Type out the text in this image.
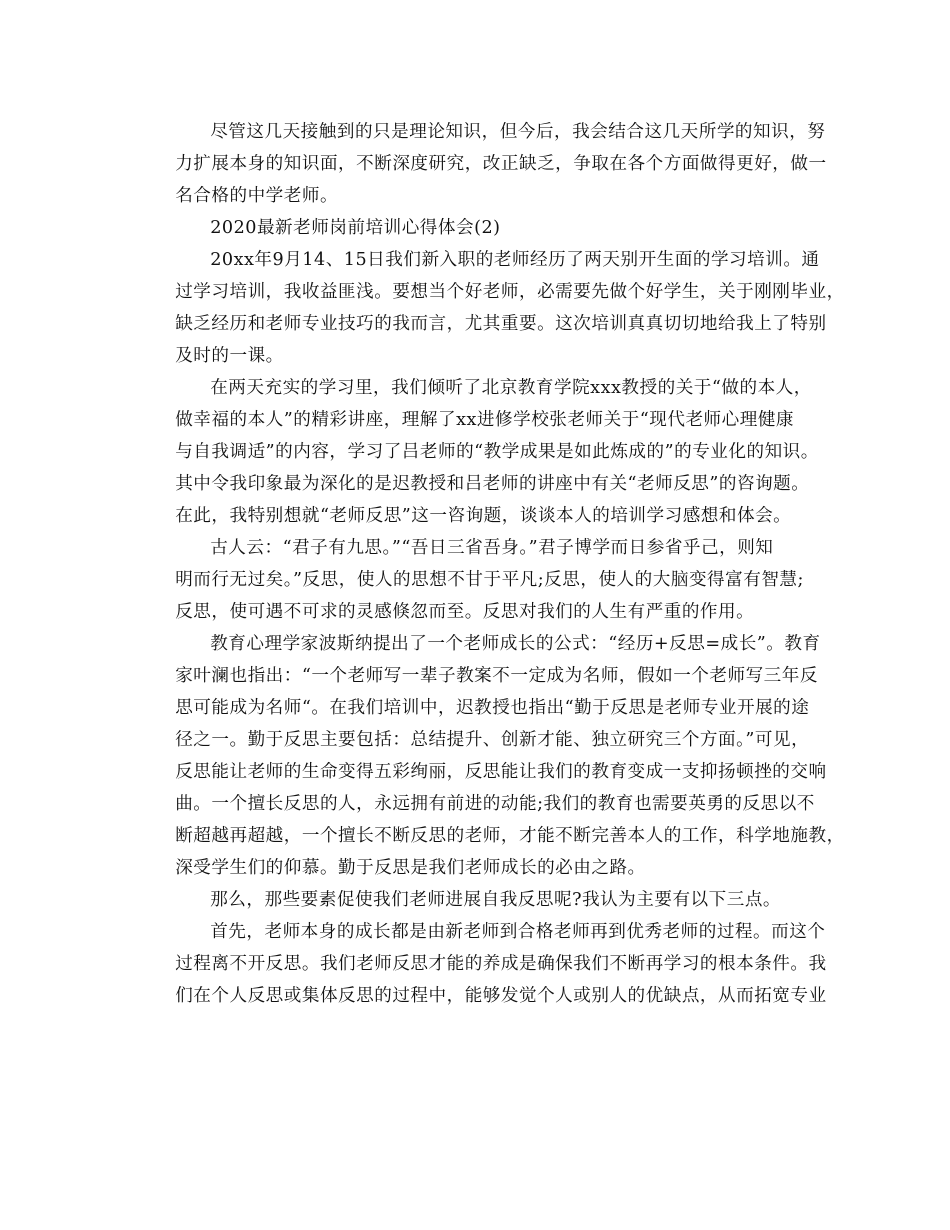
尽管这几天接触到的只是理论知识，但今后，我会结合这几天所学的知识，努
力扩展本身的知识面，不断深度研究，改正缺乏，争取在各个方面做得更好，做一
名合格的中学老师。

2020最新老师岗前培训心得体会(2)

20xx年9月14、15日我们新入职的老师经历了两天别开生面的学习培训。通
过学习培训，我收益匪浅。要想当个好老师，必需要先做个好学生，关于刚刚毕业，
缺乏经历和老师专业技巧的我而言，尤其重要。这次培训真真切切地给我上了特别
及时的一课。

在两天充实的学习里，我们倾听了北京教育学院xxx教授的关于“做的本人，
做幸福的本人”的精彩讲座，理解了xx进修学校张老师关于“现代老师心理健康
与自我调适”的内容，学习了吕老师的“教学成果是如此炼成的”的专业化的知识。
其中令我印象最为深化的是迟教授和吕老师的讲座中有关“老师反思”的咨询题。
在此，我特别想就“老师反思”这一咨询题，谈谈本人的培训学习感想和体会。

古人云：“君子有九思。”“吾日三省吾身。”君子博学而日参省乎己，则知
明而行无过矣。”反思，使人的思想不甘于平凡;反思，使人的大脑变得富有智慧;
反思，使可遇不可求的灵感倏忽而至。反思对我们的人生有严重的作用。

教育心理学家波斯纳提出了一个老师成长的公式：“经历+反思=成长”。教育
家叶澜也指出：“一个老师写一辈子教案不一定成为名师，假如一个老师写三年反
思可能成为名师“。在我们培训中，迟教授也指出“勤于反思是老师专业开展的途
径之一。勤于反思主要包括：总结提升、创新才能、独立研究三个方面。”可见，
反思能让老师的生命变得五彩绚丽，反思能让我们的教育变成一支抑扬顿挫的交响
曲。一个擅长反思的人，永远拥有前进的动能;我们的教育也需要英勇的反思以不
断超越再超越，一个擅长不断反思的老师，才能不断完善本人的工作，科学地施教，
深受学生们的仰慕。勤于反思是我们老师成长的必由之路。

那么，那些要素促使我们老师进展自我反思呢?我认为主要有以下三点。

首先，老师本身的成长都是由新老师到合格老师再到优秀老师的过程。而这个
过程离不开反思。我们老师反思才能的养成是确保我们不断再学习的根本条件。我
们在个人反思或集体反思的过程中，能够发觉个人或别人的优缺点，从而拓宽专业
